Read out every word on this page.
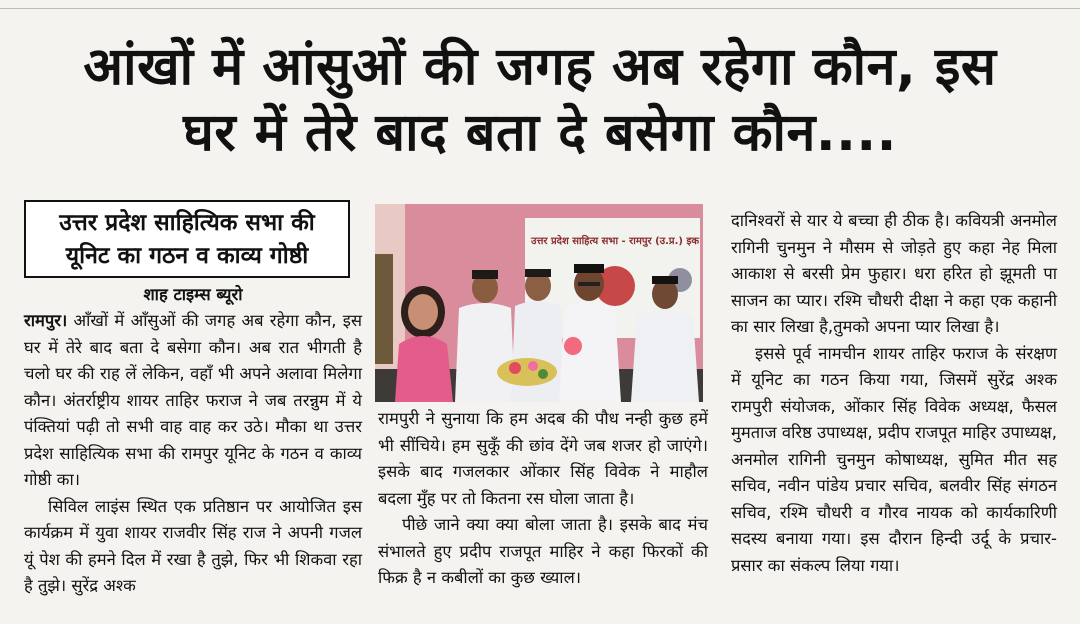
आंखों में आंसुओं की जगह अब रहेगा कौन, इस
घर में तेरे बाद बता दे बसेगा कौन....
उत्तर प्रदेश साहित्यिक सभा की
यूनिट का गठन व काव्य गोष्ठी
शाह टाइम्स ब्यूरो

रामपुर। आँखों में आँसुओं की जगह अब रहेगा कौन, इस घर में तेरे बाद बता दे बसेगा कौन। अब रात भीगती है चलो घर की राह लें लेकिन, वहाँ भी अपने अलावा मिलेगा कौन। अंतर्राष्ट्रीय शायर ताहिर फराज ने जब तरन्नुम में ये पंक्तियां पढ़ी तो सभी वाह वाह कर उठे। मौका था उत्तर प्रदेश साहित्यिक सभा की रामपुर यूनिट के गठन व काव्य गोष्ठी का।

सिविल लाइंस स्थित एक प्रतिष्ठान पर आयोजित इस कार्यक्रम में युवा शायर राजवीर सिंह राज ने अपनी गजल यूं पेश की हमने दिल में रखा है तुझे, फिर भी शिकवा रहा है तुझे। सुरेंद्र अश्क

उत्तर प्रदेश साहित्य सभा - रामपुर (उ.प्र.) इक

रामपुरी ने सुनाया कि हम अदब की पौध नन्ही कुछ हमें भी सींचिये। हम सुकूँ की छांव देंगे जब शजर हो जाएंगे। इसके बाद गजलकार ओंकार सिंह विवेक ने माहौल बदला मुँह पर तो कितना रस घोला जाता है।

पीछे जाने क्या क्या बोला जाता है। इसके बाद मंच संभालते हुए प्रदीप राजपूत माहिर ने कहा फिरकों की फिक्र है न कबीलों का कुछ ख्याल।

दानिश्वरों से यार ये बच्चा ही ठीक है। कवियत्री अनमोल रागिनी चुनमुन ने मौसम से जोड़ते हुए कहा नेह मिला आकाश से बरसी प्रेम फुहार। धरा हरित हो झूमती पा साजन का प्यार। रश्मि चौधरी दीक्षा ने कहा एक कहानी का सार लिखा है,तुमको अपना प्यार लिखा है।

इससे पूर्व नामचीन शायर ताहिर फराज के संरक्षण में यूनिट का गठन किया गया, जिसमें सुरेंद्र अश्क रामपुरी संयोजक, ओंकार सिंह विवेक अध्यक्ष, फैसल मुमताज वरिष्ठ उपाध्यक्ष, प्रदीप राजपूत माहिर उपाध्यक्ष, अनमोल रागिनी चुनमुन कोषाध्यक्ष, सुमित मीत सह सचिव, नवीन पांडेय प्रचार सचिव, बलवीर सिंह संगठन सचिव, रश्मि चौधरी व गौरव नायक को कार्यकारिणी सदस्य बनाया गया। इस दौरान हिन्दी उर्दू के प्रचार- प्रसार का संकल्प लिया गया।
